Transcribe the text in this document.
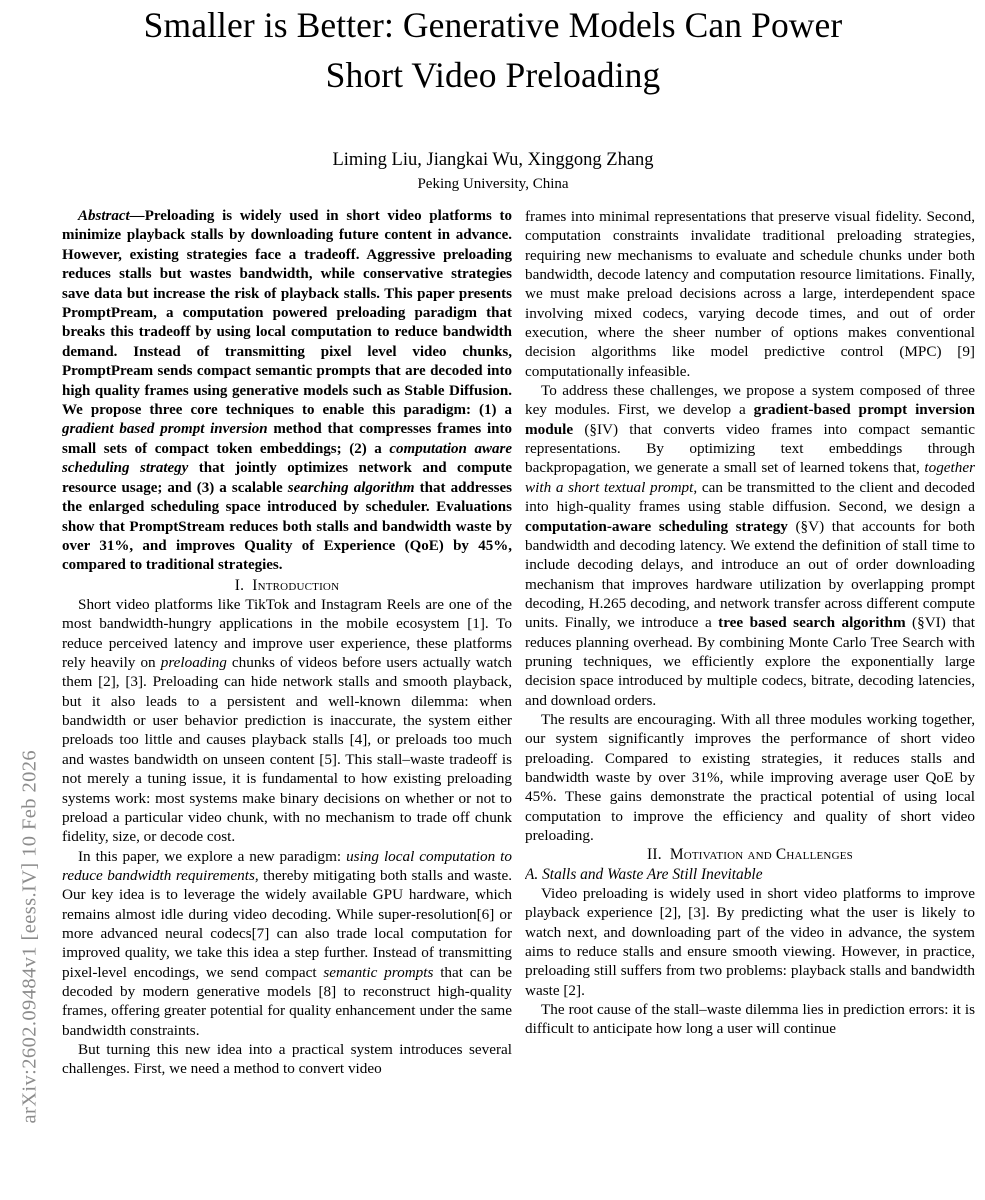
arXiv:2602.09484v1 [eess.IV] 10 Feb 2026
Smaller is Better: Generative Models Can Power
Short Video Preloading
Liming Liu, Jiangkai Wu, Xinggong Zhang
Peking University, China

Abstract—Preloading is widely used in short video platforms to minimize playback stalls by downloading future content in advance. However, existing strategies face a tradeoff. Aggressive preloading reduces stalls but wastes bandwidth, while conservative strategies save data but increase the risk of playback stalls. This paper presents PromptPream, a computation powered preloading paradigm that breaks this tradeoff by using local computation to reduce bandwidth demand. Instead of transmitting pixel level video chunks, PromptPream sends compact semantic prompts that are decoded into high quality frames using generative models such as Stable Diffusion. We propose three core techniques to enable this paradigm: (1) a gradient based prompt inversion method that compresses frames into small sets of compact token embeddings; (2) a computation aware scheduling strategy that jointly optimizes network and compute resource usage; and (3) a scalable searching algorithm that addresses the enlarged scheduling space introduced by scheduler. Evaluations show that PromptStream reduces both stalls and bandwidth waste by over 31%, and improves Quality of Experience (QoE) by 45%, compared to traditional strategies.

I. Introduction

Short video platforms like TikTok and Instagram Reels are one of the most bandwidth-hungry applications in the mobile ecosystem [1]. To reduce perceived latency and improve user experience, these platforms rely heavily on preloading chunks of videos before users actually watch them [2], [3]. Preloading can hide network stalls and smooth playback, but it also leads to a persistent and well-known dilemma: when bandwidth or user behavior prediction is inaccurate, the system either preloads too little and causes playback stalls [4], or preloads too much and wastes bandwidth on unseen content [5]. This stall–waste tradeoff is not merely a tuning issue, it is fundamental to how existing preloading systems work: most systems make binary decisions on whether or not to preload a particular video chunk, with no mechanism to trade off chunk fidelity, size, or decode cost.

In this paper, we explore a new paradigm: using local computation to reduce bandwidth requirements, thereby mitigating both stalls and waste. Our key idea is to leverage the widely available GPU hardware, which remains almost idle during video decoding. While super-resolution[6] or more advanced neural codecs[7] can also trade local computation for improved quality, we take this idea a step further. Instead of transmitting pixel-level encodings, we send compact semantic prompts that can be decoded by modern generative models [8] to reconstruct high-quality frames, offering greater potential for quality enhancement under the same bandwidth constraints.

But turning this new idea into a practical system introduces several challenges. First, we need a method to convert video

frames into minimal representations that preserve visual fidelity. Second, computation constraints invalidate traditional preloading strategies, requiring new mechanisms to evaluate and schedule chunks under both bandwidth, decode latency and computation resource limitations. Finally, we must make preload decisions across a large, interdependent space involving mixed codecs, varying decode times, and out of order execution, where the sheer number of options makes conventional decision algorithms like model predictive control (MPC) [9] computationally infeasible.

To address these challenges, we propose a system composed of three key modules. First, we develop a gradient-based prompt inversion module (§IV) that converts video frames into compact semantic representations. By optimizing text embeddings through backpropagation, we generate a small set of learned tokens that, together with a short textual prompt, can be transmitted to the client and decoded into high-quality frames using stable diffusion. Second, we design a computation-aware scheduling strategy (§V) that accounts for both bandwidth and decoding latency. We extend the definition of stall time to include decoding delays, and introduce an out of order downloading mechanism that improves hardware utilization by overlapping prompt decoding, H.265 decoding, and network transfer across different compute units. Finally, we introduce a tree based search algorithm (§VI) that reduces planning overhead. By combining Monte Carlo Tree Search with pruning techniques, we efficiently explore the exponentially large decision space introduced by multiple codecs, bitrate, decoding latencies, and download orders.

The results are encouraging. With all three modules working together, our system significantly improves the performance of short video preloading. Compared to existing strategies, it reduces stalls and bandwidth waste by over 31%, while improving average user QoE by 45%. These gains demonstrate the practical potential of using local computation to improve the efficiency and quality of short video preloading.

II. Motivation and Challenges
A. Stalls and Waste Are Still Inevitable

Video preloading is widely used in short video platforms to improve playback experience [2], [3]. By predicting what the user is likely to watch next, and downloading part of the video in advance, the system aims to reduce stalls and ensure smooth viewing. However, in practice, preloading still suffers from two problems: playback stalls and bandwidth waste [2].

The root cause of the stall–waste dilemma lies in prediction errors: it is difficult to anticipate how long a user will continue
